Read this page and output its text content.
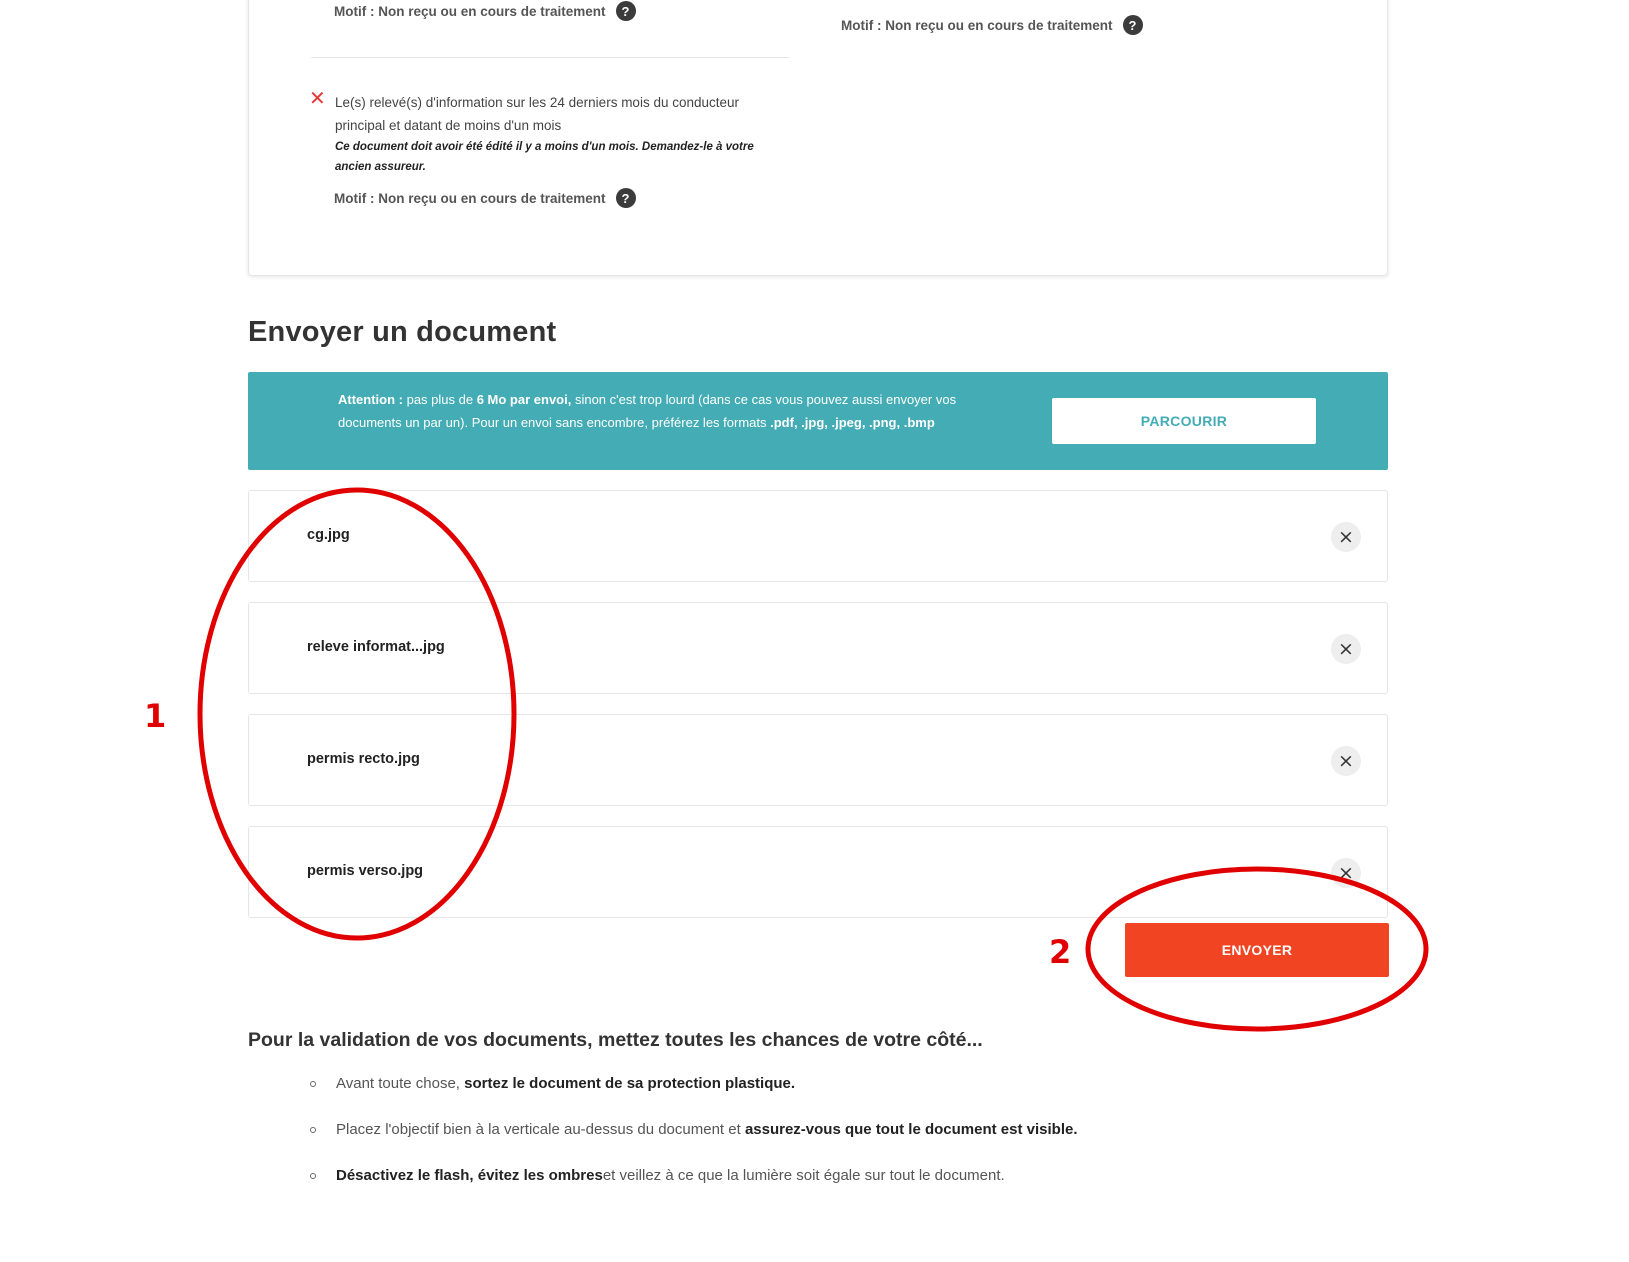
Motif : Non reçu ou en cours de traitement	?
Motif : Non reçu ou en cours de traitement	?
✕ Le(s) relevé(s) d'information sur les 24 derniers mois du conducteur
principal et datant de moins d'un mois
Ce document doit avoir été édité il y a moins d'un mois. Demandez-le à votre ancien assureur.
Motif : Non reçu ou en cours de traitement	?
Envoyer un document
Attention : pas plus de 6 Mo par envoi, sinon c'est trop lourd (dans ce cas vous pouvez aussi envoyer vos documents un par un). Pour un envoi sans encombre, préférez les formats .pdf, .jpg, .jpeg, .png, .bmp	PARCOURIR
cg.jpg	×
releve informat...jpg	×
permis recto.jpg	×
permis verso.jpg	×
ENVOYER
1
2
Pour la validation de vos documents, mettez toutes les chances de votre côté...
Avant toute chose,
sortez le document de sa protection plastique.
Placez l'objectif bien à la verticale au-dessus du document et
assurez-vous que tout le document est visible.
Désactivez le flash, évitez les ombres et veillez à ce que la lumière soit égale sur tout le document.
